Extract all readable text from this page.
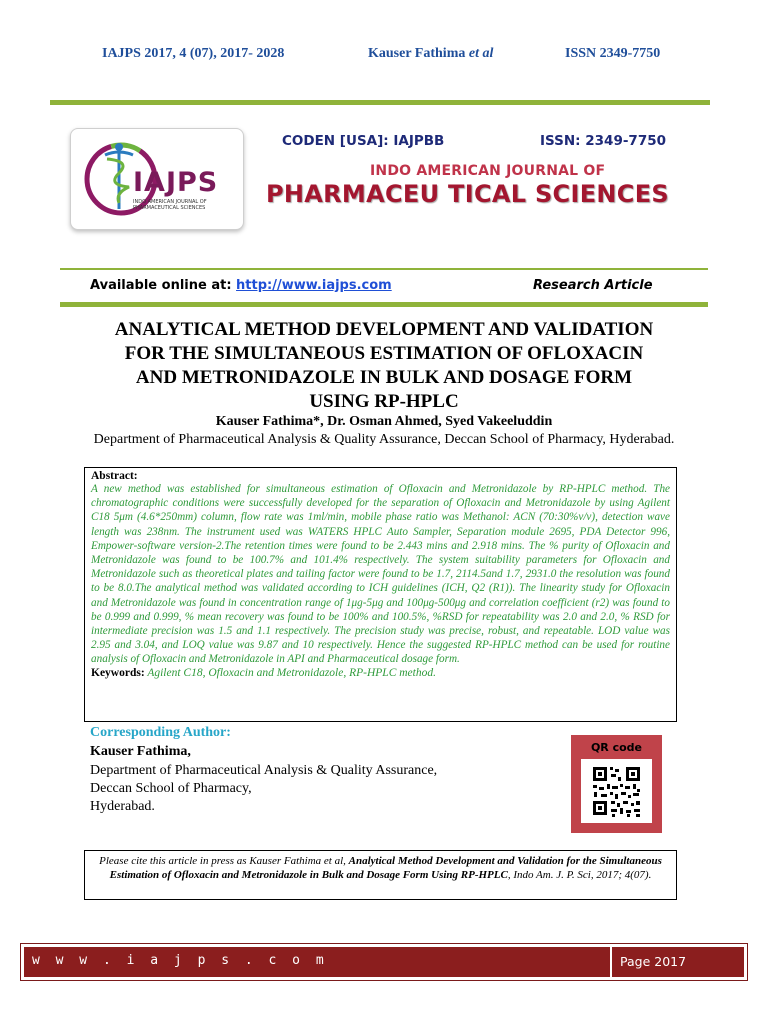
IAJPS 2017, 4 (07), 2017- 2028	Kauser Fathima et al	ISSN 2349-7750
IAJPS
INDO AMERICAN JOURNAL OF PHARMACEUTICAL SCIENCES
CODEN [USA]: IAJPBB	ISSN: 2349-7750
INDO AMERICAN JOURNAL OF
PHARMACEU TICAL SCIENCES
Available online at: http://www.iajps.com	Research Article
ANALYTICAL METHOD DEVELOPMENT AND VALIDATION
FOR THE SIMULTANEOUS ESTIMATION OF OFLOXACIN
AND METRONIDAZOLE IN BULK AND DOSAGE FORM
USING RP-HPLC
Kauser Fathima*, Dr. Osman Ahmed, Syed Vakeeluddin
Department of Pharmaceutical Analysis & Quality Assurance, Deccan School of Pharmacy, Hyderabad.
Abstract:
A new method was established for simultaneous estimation of Ofloxacin and Metronidazole by RP-HPLC method. The chromatographic conditions were successfully developed for the separation of Ofloxacin and Metronidazole by using Agilent C18 5μm (4.6*250mm) column, flow rate was 1ml/min, mobile phase ratio was Methanol: ACN (70:30%v/v), detection wave length was 238nm. The instrument used was WATERS HPLC Auto Sampler, Separation module 2695, PDA Detector 996, Empower-software version-2.The retention times were found to be 2.443 mins and 2.918 mins. The % purity of Ofloxacin and Metronidazole was found to be 100.7% and 101.4% respectively. The system suitability parameters for Ofloxacin and Metronidazole such as theoretical plates and tailing factor were found to be 1.7, 2114.5and 1.7, 2931.0 the resolution was found to be 8.0.The analytical method was validated according to ICH guidelines (ICH, Q2 (R1)). The linearity study for Ofloxacin and Metronidazole was found in concentration range of 1μg-5μg and 100μg-500μg and correlation coefficient (r2) was found to be 0.999 and 0.999, % mean recovery was found to be 100% and 100.5%, %RSD for repeatability was 2.0 and 2.0, % RSD for intermediate precision was 1.5 and 1.1 respectively. The precision study was precise, robust, and repeatable. LOD value was 2.95 and 3.04, and LOQ value was 9.87 and 10 respectively. Hence the suggested RP-HPLC method can be used for routine analysis of Ofloxacin and Metronidazole in API and Pharmaceutical dosage form.
Keywords: Agilent C18, Ofloxacin and Metronidazole, RP-HPLC method.
Corresponding Author:
Kauser Fathima,
Department of Pharmaceutical Analysis & Quality Assurance,
Deccan School of Pharmacy,
Hyderabad.
QR code
Please cite this article in press as Kauser Fathima et al, Analytical Method Development and Validation for the Simultaneous Estimation of Ofloxacin and Metronidazole in Bulk and Dosage Form Using RP-HPLC, Indo Am. J. P. Sci, 2017; 4(07).
w w w . i a j p s . c o m	Page 2017
